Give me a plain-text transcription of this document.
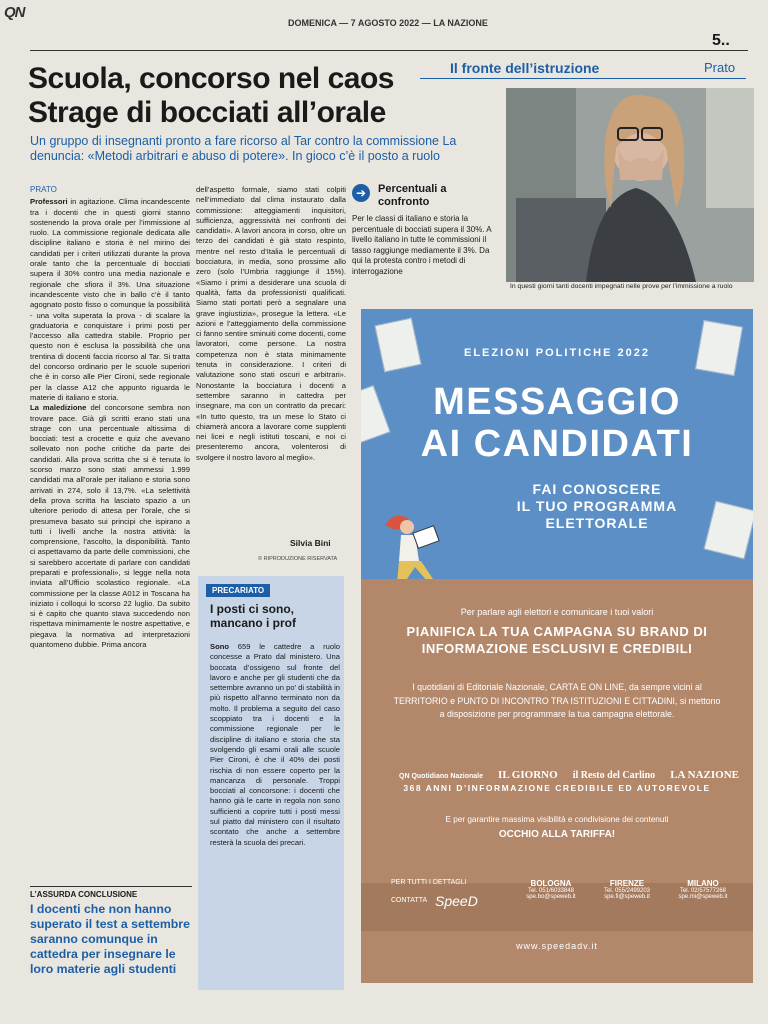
QN
DOMENICA — 7 AGOSTO 2022 — LA NAZIONE
5..
Il fronte dell’istruzione	Prato
Scuola, concorso nel caos
Strage di bocciati all’orale
Un gruppo di insegnanti pronto a fare ricorso al Tar contro la commissione La denuncia: «Metodi arbitrari e abuso di potere». In gioco c’è il posto a ruolo
In questi giorni tanti docenti impegnati nelle prove per l’immissione a ruolo
➔	Percentuali a confronto
Per le classi di italiano e storia la percentuale di bocciati supera il 30%. A livello italiano in tutte le commissioni il tasso raggiunge mediamente il 3%. Da qui la protesta contro i metodi di interrogazione

PRATO

Professori in agitazione. Clima incandescente tra i docenti che in questi giorni stanno sostenendo la prova orale per l’immissione al ruolo. La commissione regionale dedicata alle discipline italiano e storia è nel mirino dei candidati per i criteri utilizzati durante la prova orale tanto che la percentuale di bocciati supera il 30% contro una media nazionale e regionale che sfiora il 3%. Una situazione incandescente visto che in ballo c’è il tanto agognato posto fisso o comunque la possibilità - una volta superata la prova - di scalare la graduatoria e conquistare i primi posti per l’accesso alla cattedra stabile. Proprio per questo non è esclusa la possibilità che una trentina di docenti faccia ricorso al Tar. Si tratta del concorso ordinario per le scuole superiori che è in corso alle Pier Cironi, sede regionale per la classe A12 che appunto riguarda le materie di italiano e storia.

La maledizione del concorsone sembra non trovare pace. Già gli scritti erano stati una strage con una percentuale altissima di bocciati: test a crocette e quiz che avevano sollevato non poche critiche da parte dei candidati. Alla prova scritta che si è tenuta lo scorso marzo sono stati ammessi 1.999 candidati ma all’orale per italiano e storia sono arrivati in 274, solo il 13,7%. «La selettività della prova scritta ha lasciato spazio a un ulteriore periodo di attesa per l’orale, che si presumeva basato sui principi che ispirano a tutti i livelli anche la nostra attività: la comprensione, l’ascolto, la disponibilità. Tanto ci aspettavamo da parte delle commissioni, che si sarebbero accertate di parlare con candidati preparati e professionali», si legge nella nota inviata all’Ufficio scolastico regionale. «La commissione per la classe A012 in Toscana ha iniziato i colloqui lo scorso 22 luglio. Da subito si è capito che quanto stava succedendo non rispettava minimamente le nostre aspettative, e piegava la normativa ad interpretazioni quantomeno dubbie. Prima ancora

dell’aspetto formale, siamo stati colpiti nell’immediato dal clima instaurato dalla commissione: atteggiamenti inquisitori, sufficienza, aggressività nei confronti dei candidati». A lavori ancora in corso, oltre un terzo dei candidati è già stato respinto, mentre nel resto d’Italia le percentuali di bocciatura, in media, sono prossime allo zero (solo l’Umbria raggiunge il 15%). «Siamo i primi a desiderare una scuola di qualità, fatta da professionisti qualificati. Siamo stati portati però a segnalare una grave ingiustizia», prosegue la lettera. «Le azioni e l’atteggiamento della commissione ci fanno sentire sminuiti come docenti, come lavoratori, come persone. La nostra competenza non è stata minimamente tenuta in considerazione. I criteri di valutazione sono stati oscuri e arbitrari». Nonostante la bocciatura i docenti a settembre saranno in cattedra per insegnare, ma con un contratto da precari: «In tutto questo, tra un mese lo Stato ci chiamerà ancora a lavorare come supplenti nei licei e negli istituti toscani, e noi ci presenteremo ancora, volenterosi di svolgere il nostro lavoro al meglio».

Silvia Bini
© RIPRODUZIONE RISERVATA
PRECARIATO
I posti ci sono, mancano i prof

Sono 659 le cattedre a ruolo concesse a Prato dal ministero. Una boccata d’ossigeno sul fronte del lavoro e anche per gli studenti che da settembre avranno un po’ di stabilità in più rispetto all’anno terminato non da molto. Il problema a seguito del caso scoppiato tra i docenti e la commissione regionale per le discipline di italiano e storia che sta svolgendo gli esami orali alle scuole Pier Cironi, è che il 40% dei posti rischia di non essere coperto per la mancanza di personale. Troppi bocciati al concorsone: i docenti che hanno già le carte in regola non sono sufficienti a coprire tutti i posti messi sul piatto dal ministero con il risultato scontato che anche a settembre resterà la scuola dei precari.

L’ASSURDA CONCLUSIONE
I docenti che non hanno superato il test a settembre saranno comunque in cattedra per insegnare le loro materie agli studenti
ELEZIONI POLITICHE 2022
MESSAGGIO
AI CANDIDATI
FAI CONOSCERE
IL TUO PROGRAMMA
ELETTORALE
Per parlare agli elettori e comunicare i tuoi valori
PIANIFICA LA TUA CAMPAGNA SU BRAND DI INFORMAZIONE ESCLUSIVI E CREDIBILI
I quotidiani di Editoriale Nazionale, CARTA E ON LINE, da sempre vicini al TERRITORIO e PUNTO DI INCONTRO TRA ISTITUZIONI E CITTADINI, si mettono a disposizione per programmare la tua campagna elettorale.
QN Quotidiano Nazionale IL GIORNO il Resto del Carlino LA NAZIONE
368 ANNI D’INFORMAZIONE CREDIBILE ED AUTOREVOLE
E per garantire massima visibilità e condivisione dei contenuti
OCCHIO ALLA TARIFFA!
PER TUTTI I DETTAGLI
CONTATTA SpeeD
BOLOGNA
Tel. 051/6033848
spe.bo@speweb.it
FIRENZE
Tel. 055/2499203
spe.fi@speweb.it
MILANO
Tel. 02/57577268
spe.mi@speweb.it
www.speedadv.it
